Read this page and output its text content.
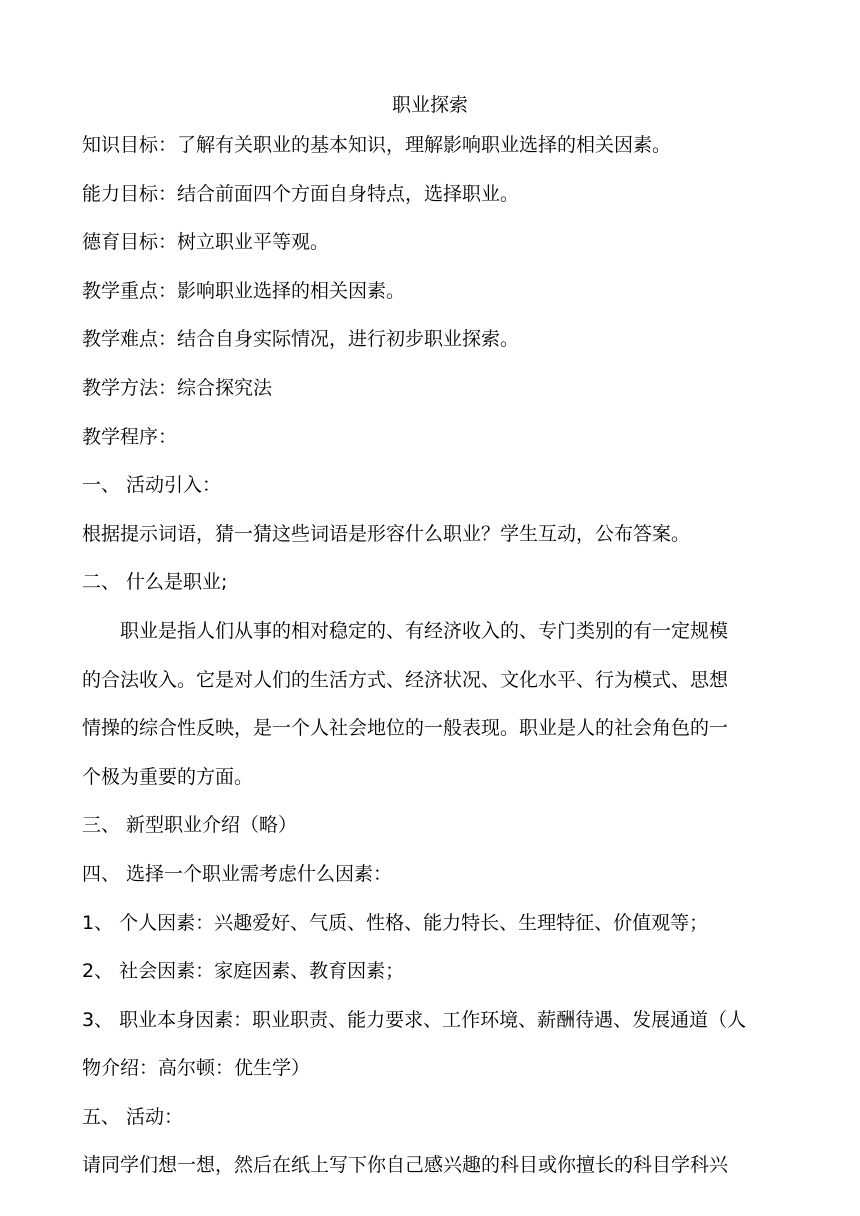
职业探索
知识目标：了解有关职业的基本知识，理解影响职业选择的相关因素。
能力目标：结合前面四个方面自身特点，选择职业。
德育目标：树立职业平等观。
教学重点：影响职业选择的相关因素。
教学难点：结合自身实际情况，进行初步职业探索。
教学方法：综合探究法
教学程序：
一、 活动引入：
根据提示词语，猜一猜这些词语是形容什么职业？学生互动，公布答案。
二、 什么是职业;
职业是指人们从事的相对稳定的、有经济收入的、专门类别的有一定规模
的合法收入。它是对人们的生活方式、经济状况、文化水平、行为模式、思想
情操的综合性反映，是一个人社会地位的一般表现。职业是人的社会角色的一
个极为重要的方面。
三、 新型职业介绍（略）
四、 选择一个职业需考虑什么因素：
1、 个人因素：兴趣爱好、气质、性格、能力特长、生理特征、价值观等；
2、 社会因素：家庭因素、教育因素；
3、 职业本身因素：职业职责、能力要求、工作环境、薪酬待遇、发展通道（人
物介绍：高尔顿：优生学）
五、 活动：
请同学们想一想，然后在纸上写下你自己感兴趣的科目或你擅长的科目学科兴
